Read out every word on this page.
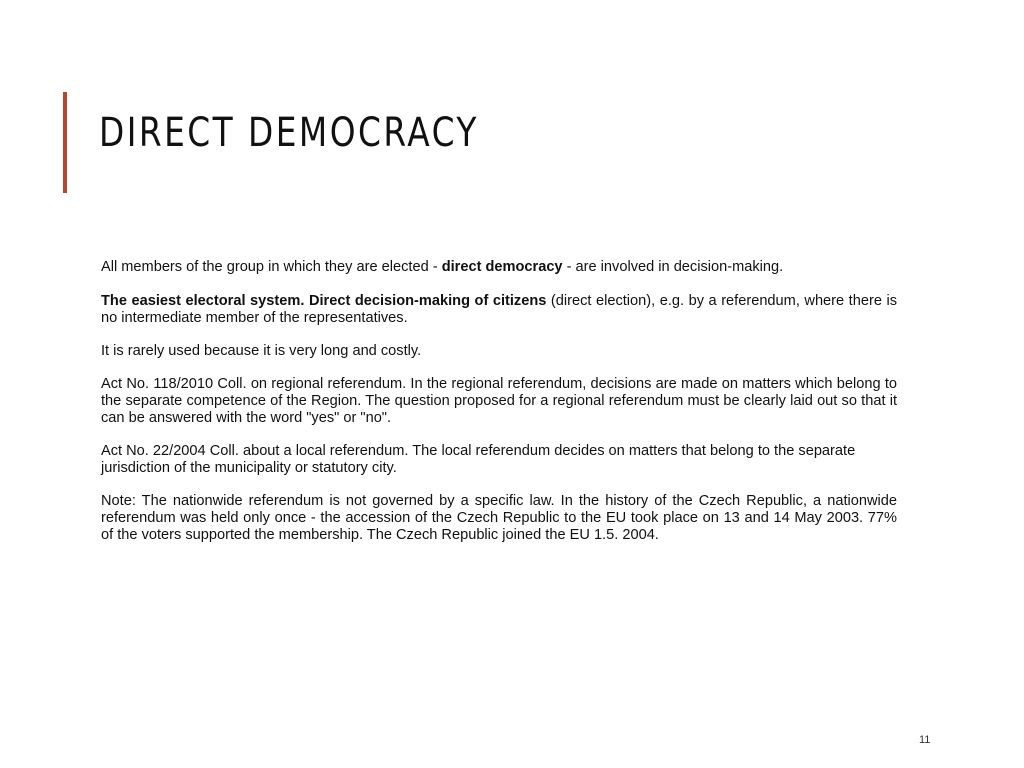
DIRECT DEMOCRACY

All members of the group in which they are elected - direct democracy - are involved in decision-making.

The easiest electoral system. Direct decision-making of citizens (direct election), e.g. by a referendum, where there is no intermediate member of the representatives.

It is rarely used because it is very long and costly.

Act No. 118/2010 Coll. on regional referendum. In the regional referendum, decisions are made on matters which belong to the separate competence of the Region. The question proposed for a regional referendum must be clearly laid out so that it can be answered with the word "yes" or "no".

Act No. 22/2004 Coll. about a local referendum. The local referendum decides on matters that belong to the separate jurisdiction of the municipality or statutory city.

Note: The nationwide referendum is not governed by a specific law. In the history of the Czech Republic, a nationwide referendum was held only once - the accession of the Czech Republic to the EU took place on 13 and 14 May 2003. 77% of the voters supported the membership. The Czech Republic joined the EU 1.5. 2004.

11
